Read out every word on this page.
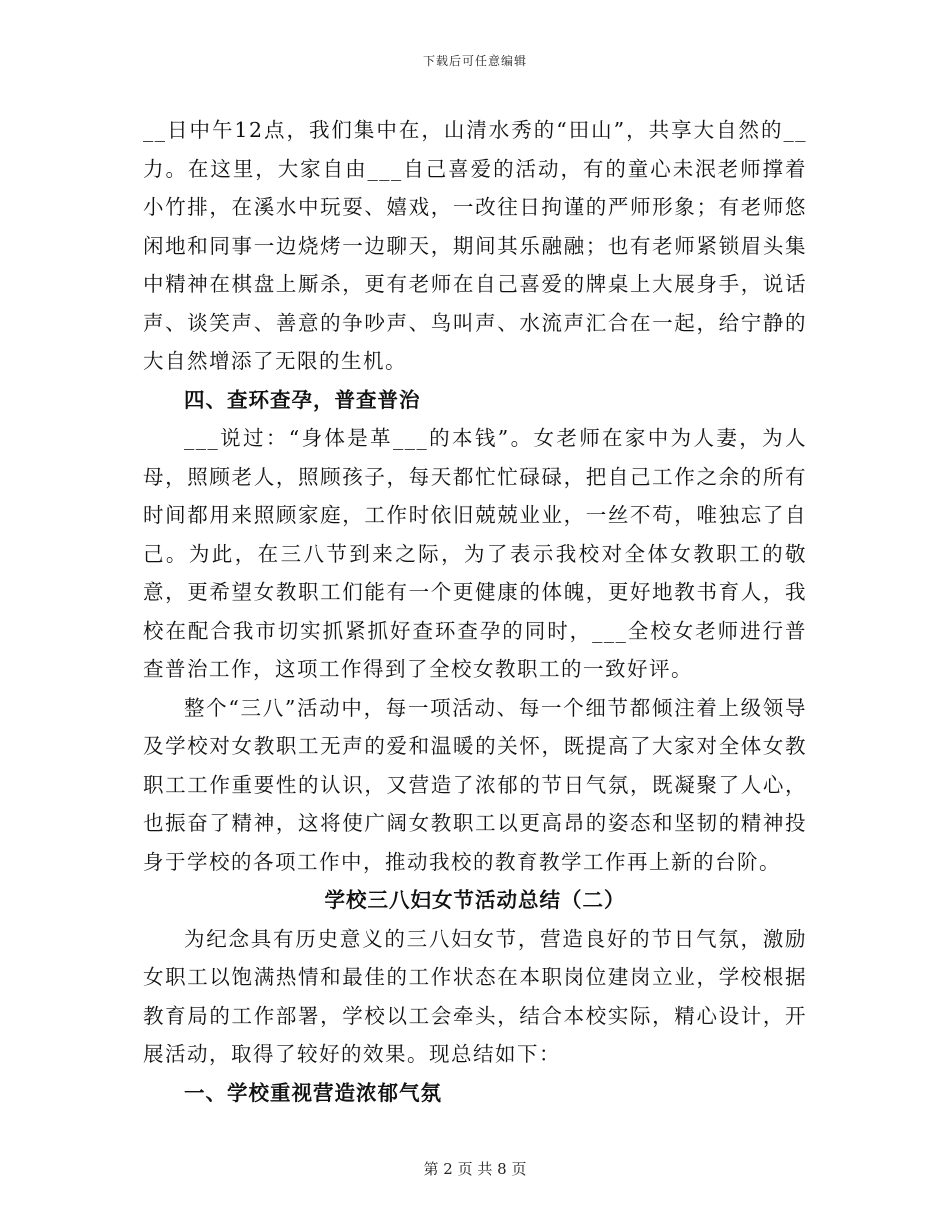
下载后可任意编辑

__日中午12点，我们集中在，山清水秀的“田山”，共享大自然的__力。在这里，大家自由___自己喜爱的活动，有的童心未泯老师撑着小竹排，在溪水中玩耍、嬉戏，一改往日拘谨的严师形象；有老师悠闲地和同事一边烧烤一边聊天，期间其乐融融；也有老师紧锁眉头集中精神在棋盘上厮杀，更有老师在自己喜爱的牌桌上大展身手，说话声、谈笑声、善意的争吵声、鸟叫声、水流声汇合在一起，给宁静的大自然增添了无限的生机。

四、查环查孕，普查普治

___说过：“身体是革___的本钱”。女老师在家中为人妻，为人母，照顾老人，照顾孩子，每天都忙忙碌碌，把自己工作之余的所有时间都用来照顾家庭，工作时依旧兢兢业业，一丝不苟，唯独忘了自己。为此，在三八节到来之际，为了表示我校对全体女教职工的敬意，更希望女教职工们能有一个更健康的体魄，更好地教书育人，我校在配合我市切实抓紧抓好查环查孕的同时，___全校女老师进行普查普治工作，这项工作得到了全校女教职工的一致好评。

整个“三八”活动中，每一项活动、每一个细节都倾注着上级领导及学校对女教职工无声的爱和温暖的关怀，既提高了大家对全体女教职工工作重要性的认识，又营造了浓郁的节日气氛，既凝聚了人心，也振奋了精神，这将使广阔女教职工以更高昂的姿态和坚韧的精神投身于学校的各项工作中，推动我校的教育教学工作再上新的台阶。

学校三八妇女节活动总结（二）

为纪念具有历史意义的三八妇女节，营造良好的节日气氛，激励女职工以饱满热情和最佳的工作状态在本职岗位建岗立业，学校根据教育局的工作部署，学校以工会牵头，结合本校实际，精心设计，开展活动，取得了较好的效果。现总结如下：

一、学校重视营造浓郁气氛

第 2 页 共 8 页
